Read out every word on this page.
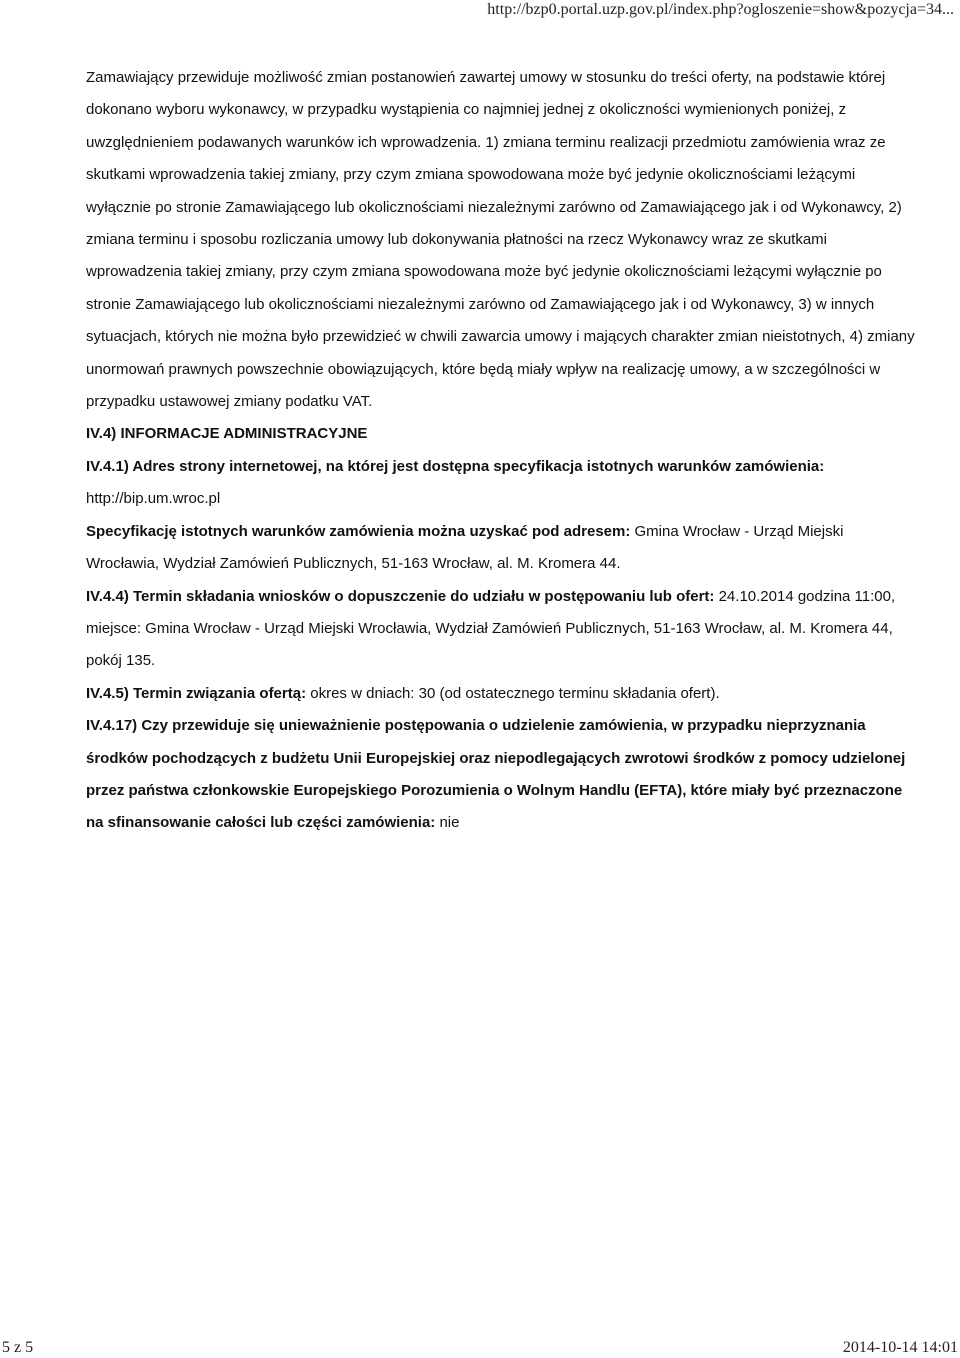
http://bzp0.portal.uzp.gov.pl/index.php?ogloszenie=show&pozycja=34...

Zamawiający przewiduje możliwość zmian postanowień zawartej umowy w stosunku do treści oferty, na podstawie której dokonano wyboru wykonawcy, w przypadku wystąpienia co najmniej jednej z okoliczności wymienionych poniżej, z uwzględnieniem podawanych warunków ich wprowadzenia. 1) zmiana terminu realizacji przedmiotu zamówienia wraz ze skutkami wprowadzenia takiej zmiany, przy czym zmiana spowodowana może być jedynie okolicznościami leżącymi wyłącznie po stronie Zamawiającego lub okolicznościami niezależnymi zarówno od Zamawiającego jak i od Wykonawcy, 2) zmiana terminu i sposobu rozliczania umowy lub dokonywania płatności na rzecz Wykonawcy wraz ze skutkami wprowadzenia takiej zmiany, przy czym zmiana spowodowana może być jedynie okolicznościami leżącymi wyłącznie po stronie Zamawiającego lub okolicznościami niezależnymi zarówno od Zamawiającego jak i od Wykonawcy, 3) w innych sytuacjach, których nie można było przewidzieć w chwili zawarcia umowy i mających charakter zmian nieistotnych, 4) zmiany unormowań prawnych powszechnie obowiązujących, które będą miały wpływ na realizację umowy, a w szczególności w przypadku ustawowej zmiany podatku VAT.

IV.4) INFORMACJE ADMINISTRACYJNE

IV.4.1) Adres strony internetowej, na której jest dostępna specyfikacja istotnych warunków zamówienia: http://bip.um.wroc.pl

Specyfikację istotnych warunków zamówienia można uzyskać pod adresem: Gmina Wrocław - Urząd Miejski Wrocławia, Wydział Zamówień Publicznych, 51-163 Wrocław, al. M. Kromera 44.

IV.4.4) Termin składania wniosków o dopuszczenie do udziału w postępowaniu lub ofert: 24.10.2014 godzina 11:00, miejsce: Gmina Wrocław - Urząd Miejski Wrocławia, Wydział Zamówień Publicznych, 51-163 Wrocław, al. M. Kromera 44, pokój 135.

IV.4.5) Termin związania ofertą: okres w dniach: 30 (od ostatecznego terminu składania ofert).

IV.4.17) Czy przewiduje się unieważnienie postępowania o udzielenie zamówienia, w przypadku nieprzyznania środków pochodzących z budżetu Unii Europejskiej oraz niepodlegających zwrotowi środków z pomocy udzielonej przez państwa członkowskie Europejskiego Porozumienia o Wolnym Handlu (EFTA), które miały być przeznaczone na sfinansowanie całości lub części zamówienia: nie

5 z 5	2014-10-14 14:01
